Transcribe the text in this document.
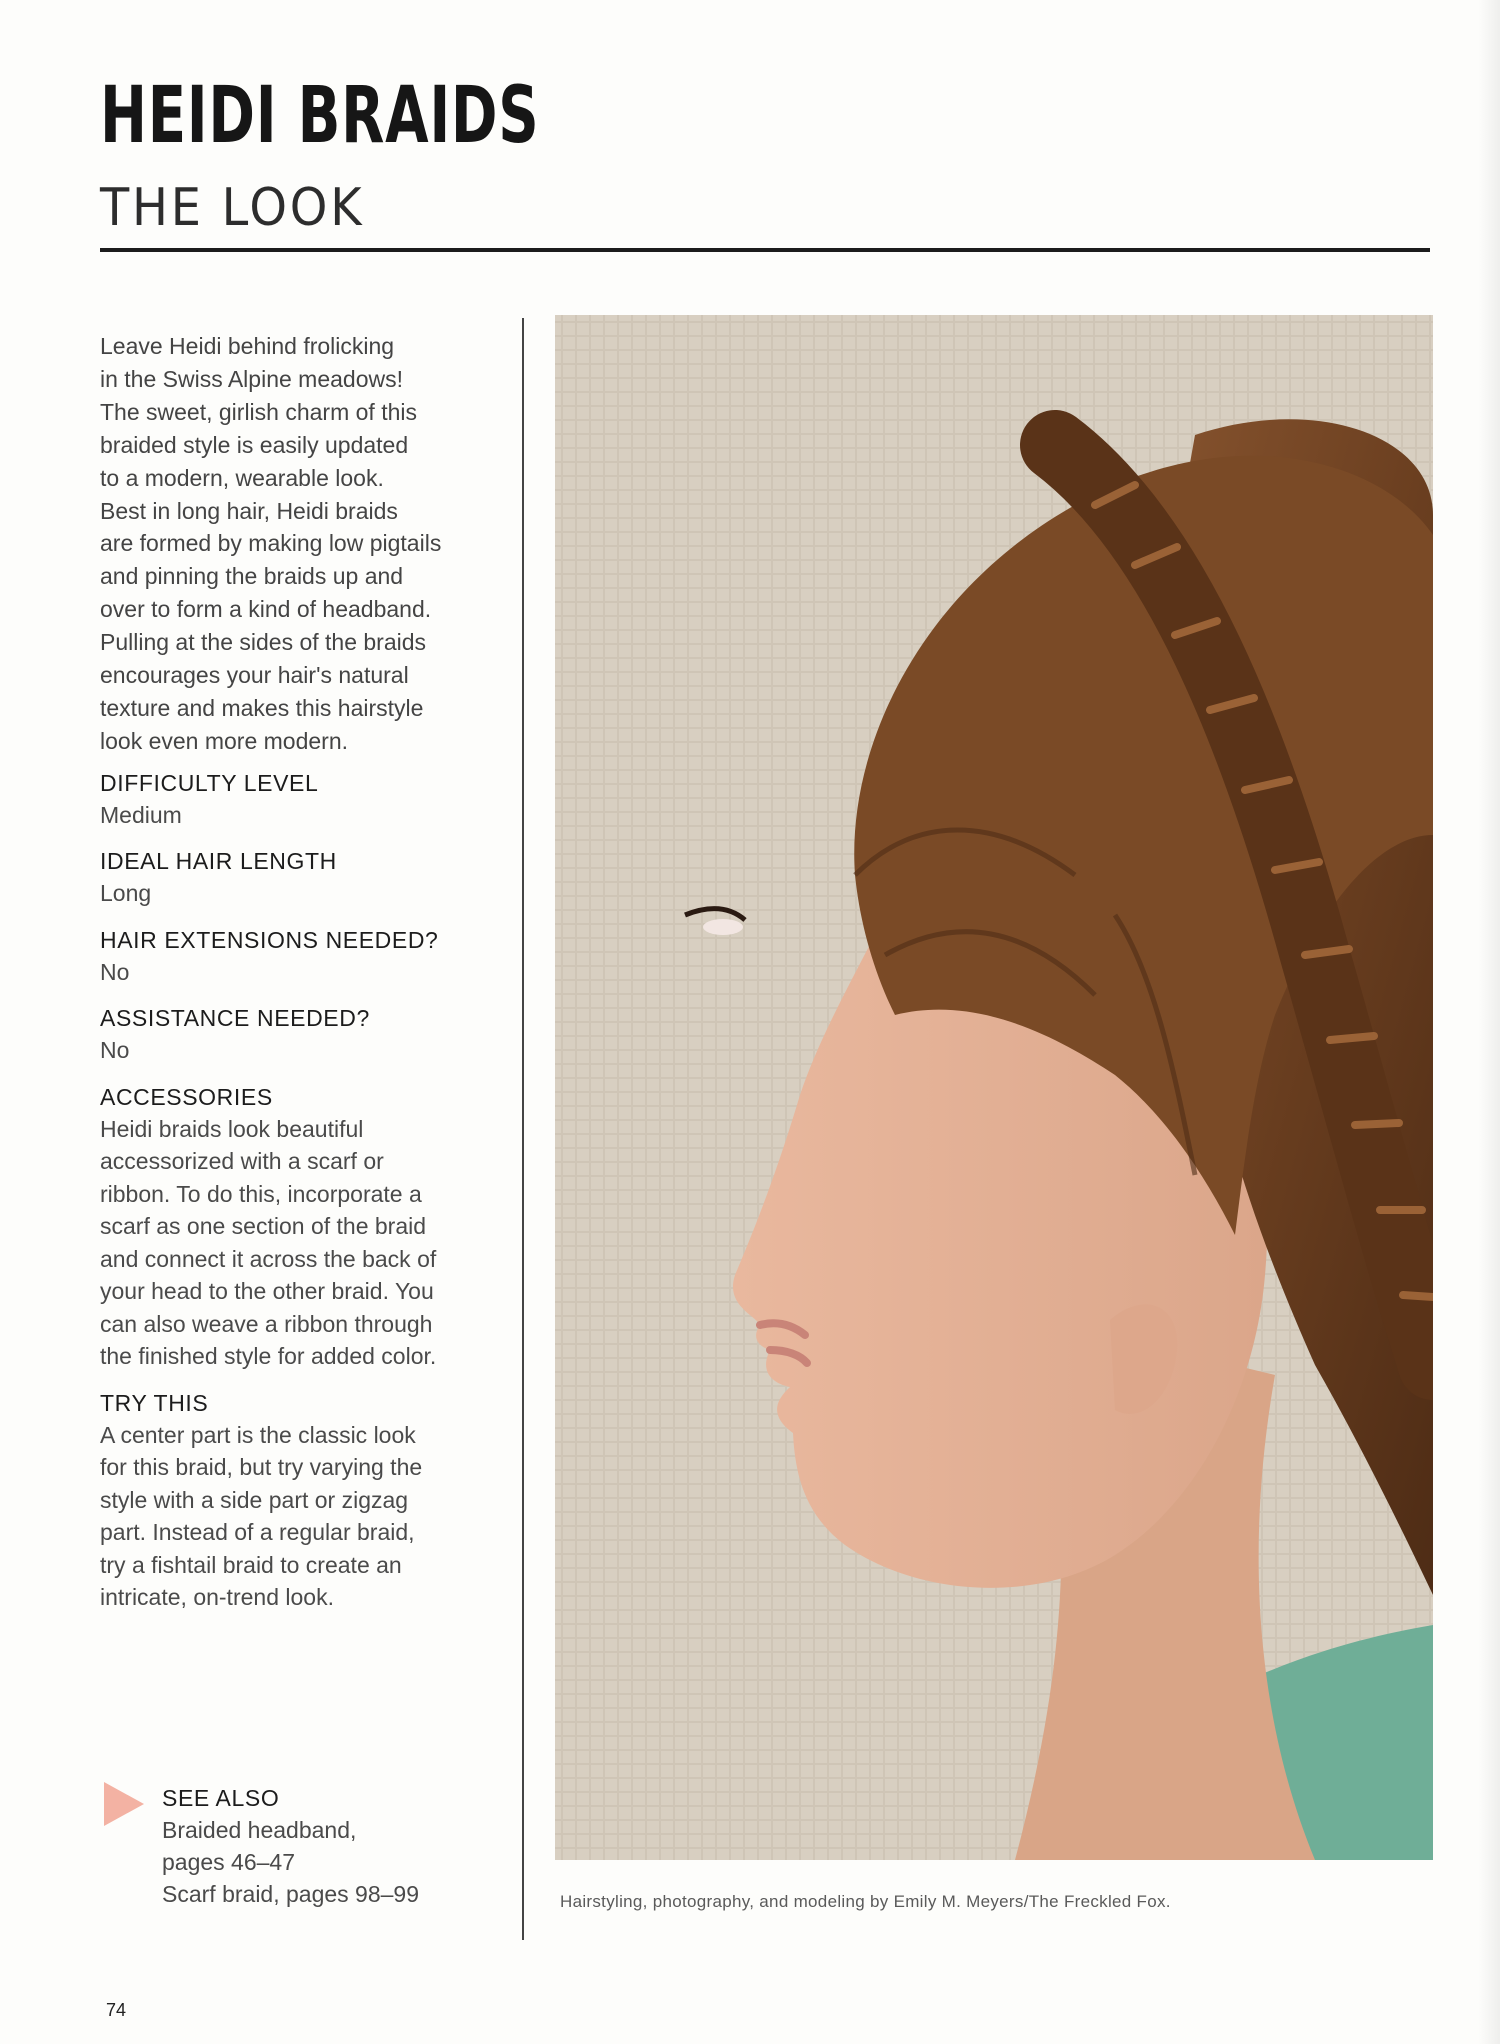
HEIDI BRAIDS
THE LOOK

Leave Heidi behind frolicking
in the Swiss Alpine meadows!
The sweet, girlish charm of this
braided style is easily updated
to a modern, wearable look.
Best in long hair, Heidi braids
are formed by making low pigtails
and pinning the braids up and
over to form a kind of headband.
Pulling at the sides of the braids
encourages your hair's natural
texture and makes this hairstyle
look even more modern.

DIFFICULTY LEVEL

Medium

IDEAL HAIR LENGTH

Long

HAIR EXTENSIONS NEEDED?

No

ASSISTANCE NEEDED?

No

ACCESSORIES

Heidi braids look beautiful
accessorized with a scarf or
ribbon. To do this, incorporate a
scarf as one section of the braid
and connect it across the back of
your head to the other braid. You
can also weave a ribbon through
the finished style for added color.

TRY THIS

A center part is the classic look
for this braid, but try varying the
style with a side part or zigzag
part. Instead of a regular braid,
try a fishtail braid to create an
intricate, on-trend look.

SEE ALSO

Braided headband,
pages 46–47
Scarf braid, pages 98–99	Hairstyling, photography, and modeling by Emily M. Meyers/The Freckled Fox.

74
